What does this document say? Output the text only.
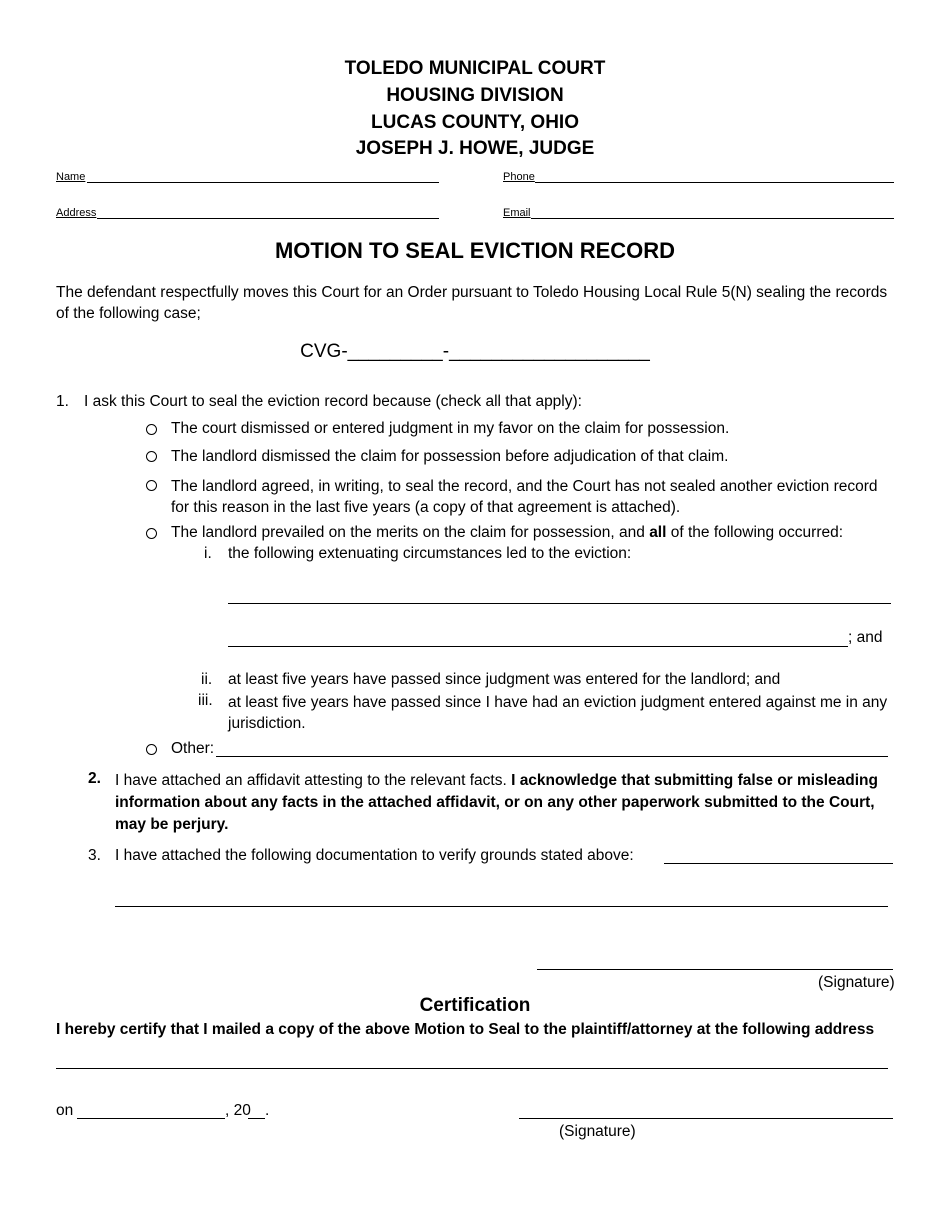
TOLEDO MUNICIPAL COURT
HOUSING DIVISION
LUCAS COUNTY, OHIO
JOSEPH J. HOWE, JUDGE
Name	Phone
Address	Email
MOTION TO SEAL EVICTION RECORD
The defendant respectfully moves this Court for an Order pursuant to Toledo Housing Local Rule 5(N) sealing the records of the following case;
CVG-_________-___________________
1. I ask this Court to seal the eviction record because (check all that apply):
The court dismissed or entered judgment in my favor on the claim for possession.
The landlord dismissed the claim for possession before adjudication of that claim.
The landlord agreed, in writing, to seal the record, and the Court has not sealed another eviction record for this reason in the last five years (a copy of that agreement is attached).
The landlord prevailed on the merits on the claim for possession, and all of the following occurred:
i. the following extenuating circumstances led to the eviction:
; and
ii. at least five years have passed since judgment was entered for the landlord; and
iii. at least five years have passed since I have had an eviction judgment entered against me in any jurisdiction.
Other:
2. I have attached an affidavit attesting to the relevant facts. I acknowledge that submitting false or misleading information about any facts in the attached affidavit, or on any other paperwork submitted to the Court, may be perjury.
3. I have attached the following documentation to verify grounds stated above:
(Signature)
Certification
I hereby certify that I mailed a copy of the above Motion to Seal to the plaintiff/attorney at the following address
on	, 20 .
(Signature)
